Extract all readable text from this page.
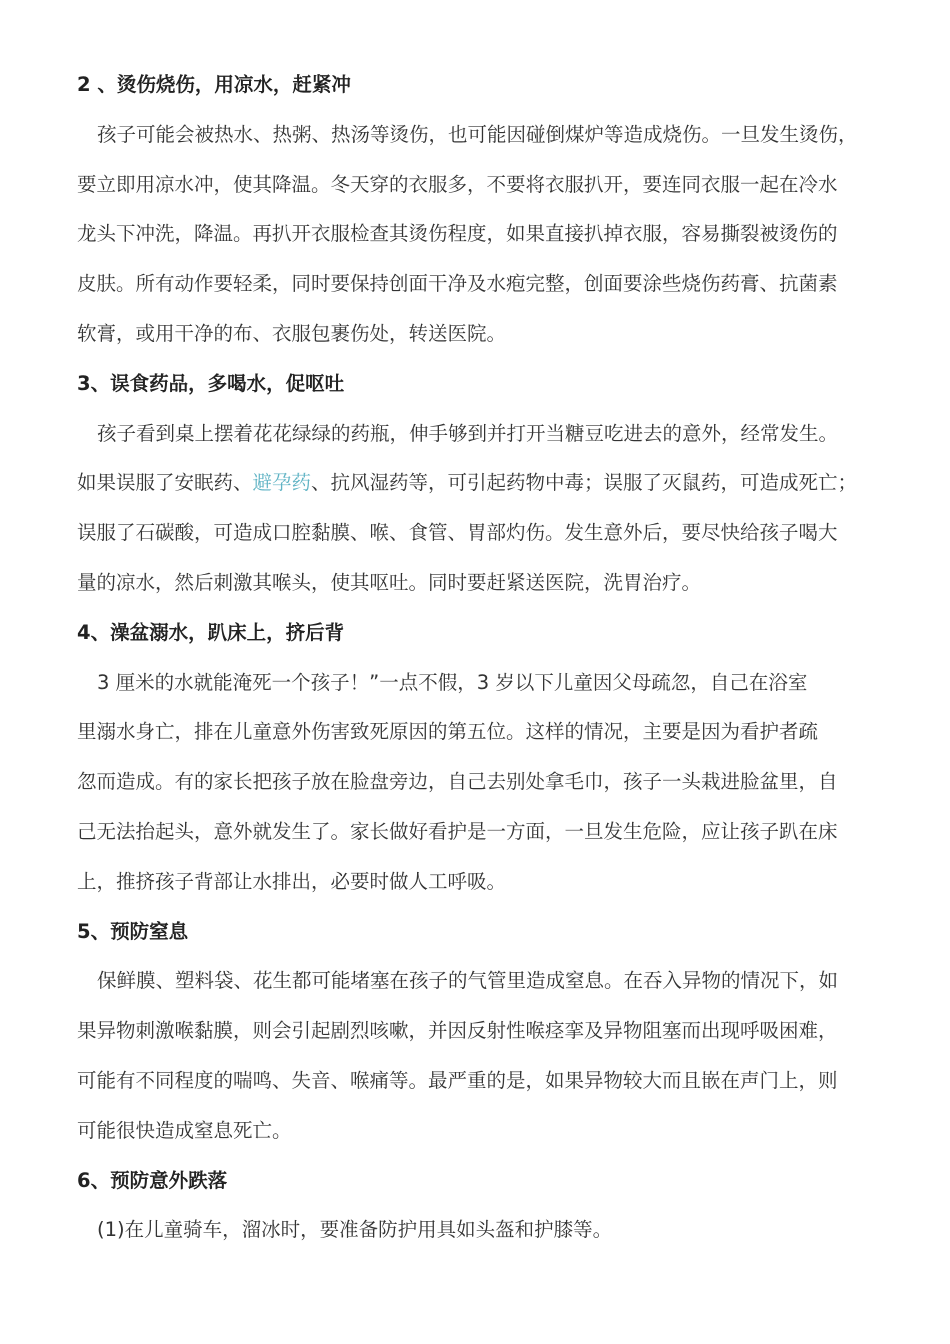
2 、烫伤烧伤，用凉水，赶紧冲
孩子可能会被热水、热粥、热汤等烫伤，也可能因碰倒煤炉等造成烧伤。一旦发生烫伤，
要立即用凉水冲，使其降温。冬天穿的衣服多，不要将衣服扒开，要连同衣服一起在冷水
龙头下冲洗，降温。再扒开衣服检查其烫伤程度，如果直接扒掉衣服，容易撕裂被烫伤的
皮肤。所有动作要轻柔，同时要保持创面干净及水疱完整，创面要涂些烧伤药膏、抗菌素
软膏，或用干净的布、衣服包裹伤处，转送医院。
3、误食药品，多喝水，促呕吐
孩子看到桌上摆着花花绿绿的药瓶，伸手够到并打开当糖豆吃进去的意外，经常发生。
如果误服了安眠药、避孕药、抗风湿药等，可引起药物中毒；误服了灭鼠药，可造成死亡；
误服了石碳酸，可造成口腔黏膜、喉、食管、胃部灼伤。发生意外后，要尽快给孩子喝大
量的凉水，然后刺激其喉头，使其呕吐。同时要赶紧送医院，洗胃治疗。
4、澡盆溺水，趴床上，挤后背
3 厘米的水就能淹死一个孩子！”一点不假，3 岁以下儿童因父母疏忽，自己在浴室
里溺水身亡，排在儿童意外伤害致死原因的第五位。这样的情况，主要是因为看护者疏
忽而造成。有的家长把孩子放在脸盘旁边，自己去别处拿毛巾，孩子一头栽进脸盆里，自
己无法抬起头，意外就发生了。家长做好看护是一方面，一旦发生危险，应让孩子趴在床
上，推挤孩子背部让水排出，必要时做人工呼吸。
5、预防窒息
保鲜膜、塑料袋、花生都可能堵塞在孩子的气管里造成窒息。在吞入异物的情况下，如
果异物刺激喉黏膜，则会引起剧烈咳嗽，并因反射性喉痉挛及异物阻塞而出现呼吸困难，
可能有不同程度的喘鸣、失音、喉痛等。最严重的是，如果异物较大而且嵌在声门上，则
可能很快造成窒息死亡。
6、预防意外跌落
(1)在儿童骑车，溜冰时，要准备防护用具如头盔和护膝等。
